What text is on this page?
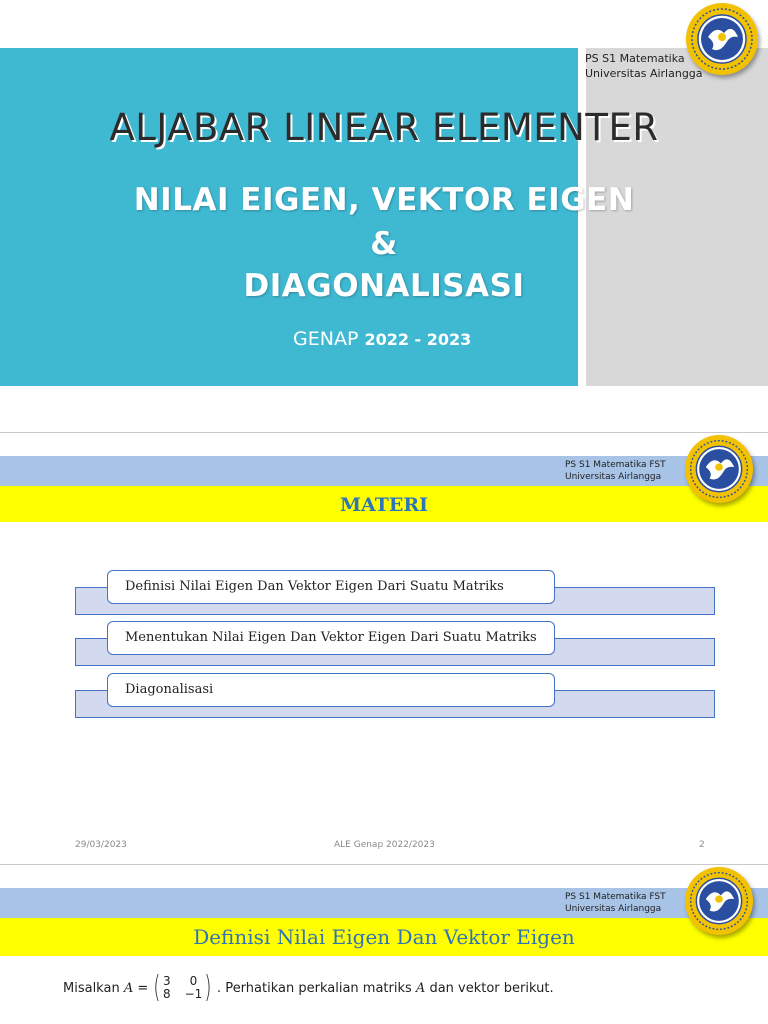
PS S1 Matematika
Universitas Airlangga
ALJABAR LINEAR ELEMENTER
NILAI EIGEN, VEKTOR EIGEN
&
DIAGONALISASI
GENAP 2022 - 2023
PS S1 Matematika FST
Universitas Airlangga
MATERI
Definisi Nilai Eigen Dan Vektor Eigen Dari Suatu Matriks
Menentukan Nilai Eigen Dan Vektor Eigen Dari Suatu Matriks
Diagonalisasi
29/03/2023	ALE Genap 2022/2023	2
PS S1 Matematika FST
Universitas Airlangga
Definisi Nilai Eigen Dan Vektor Eigen
Misalkan
A
= ( 3	0
8 −1 ) . Perhatikan perkalian matriks
A
dan vektor berikut.
